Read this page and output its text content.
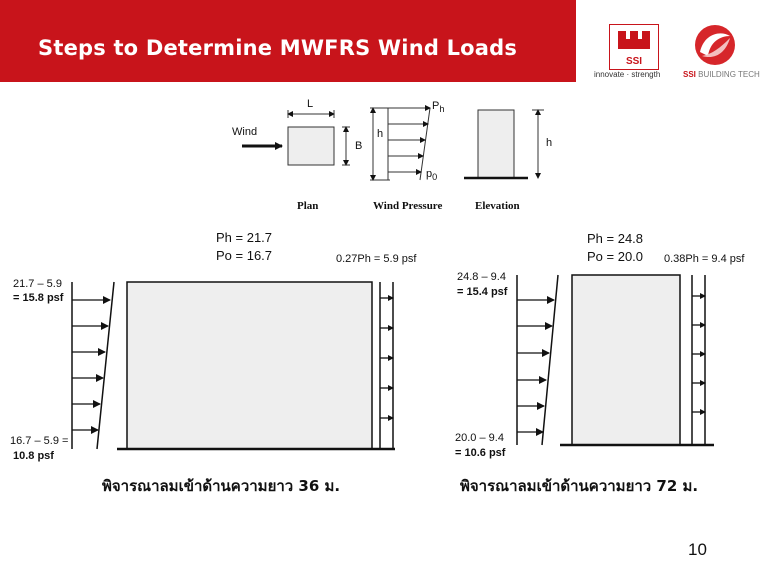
Steps to Determine MWFRS Wind Loads
SSI
innovate · strength	SSI BUILDING TECH
Wind
L
B
h
$P_h$
$p_0$
h
Plan	Wind Pressure	Elevation
Ph = 21.7
Po = 16.7	0.27Ph = 5.9 psf
21.7 – 5.9
= 15.8 psf
16.7 – 5.9 =
10.8 psf
พิจารณาลมเข้าด้านความยาว 36 ม.
Ph = 24.8
Po = 20.0 0.38Ph = 9.4 psf
24.8 – 9.4
= 15.4 psf
20.0 – 9.4
= 10.6 psf
พิจารณาลมเข้าด้านความยาว 72 ม.
10
